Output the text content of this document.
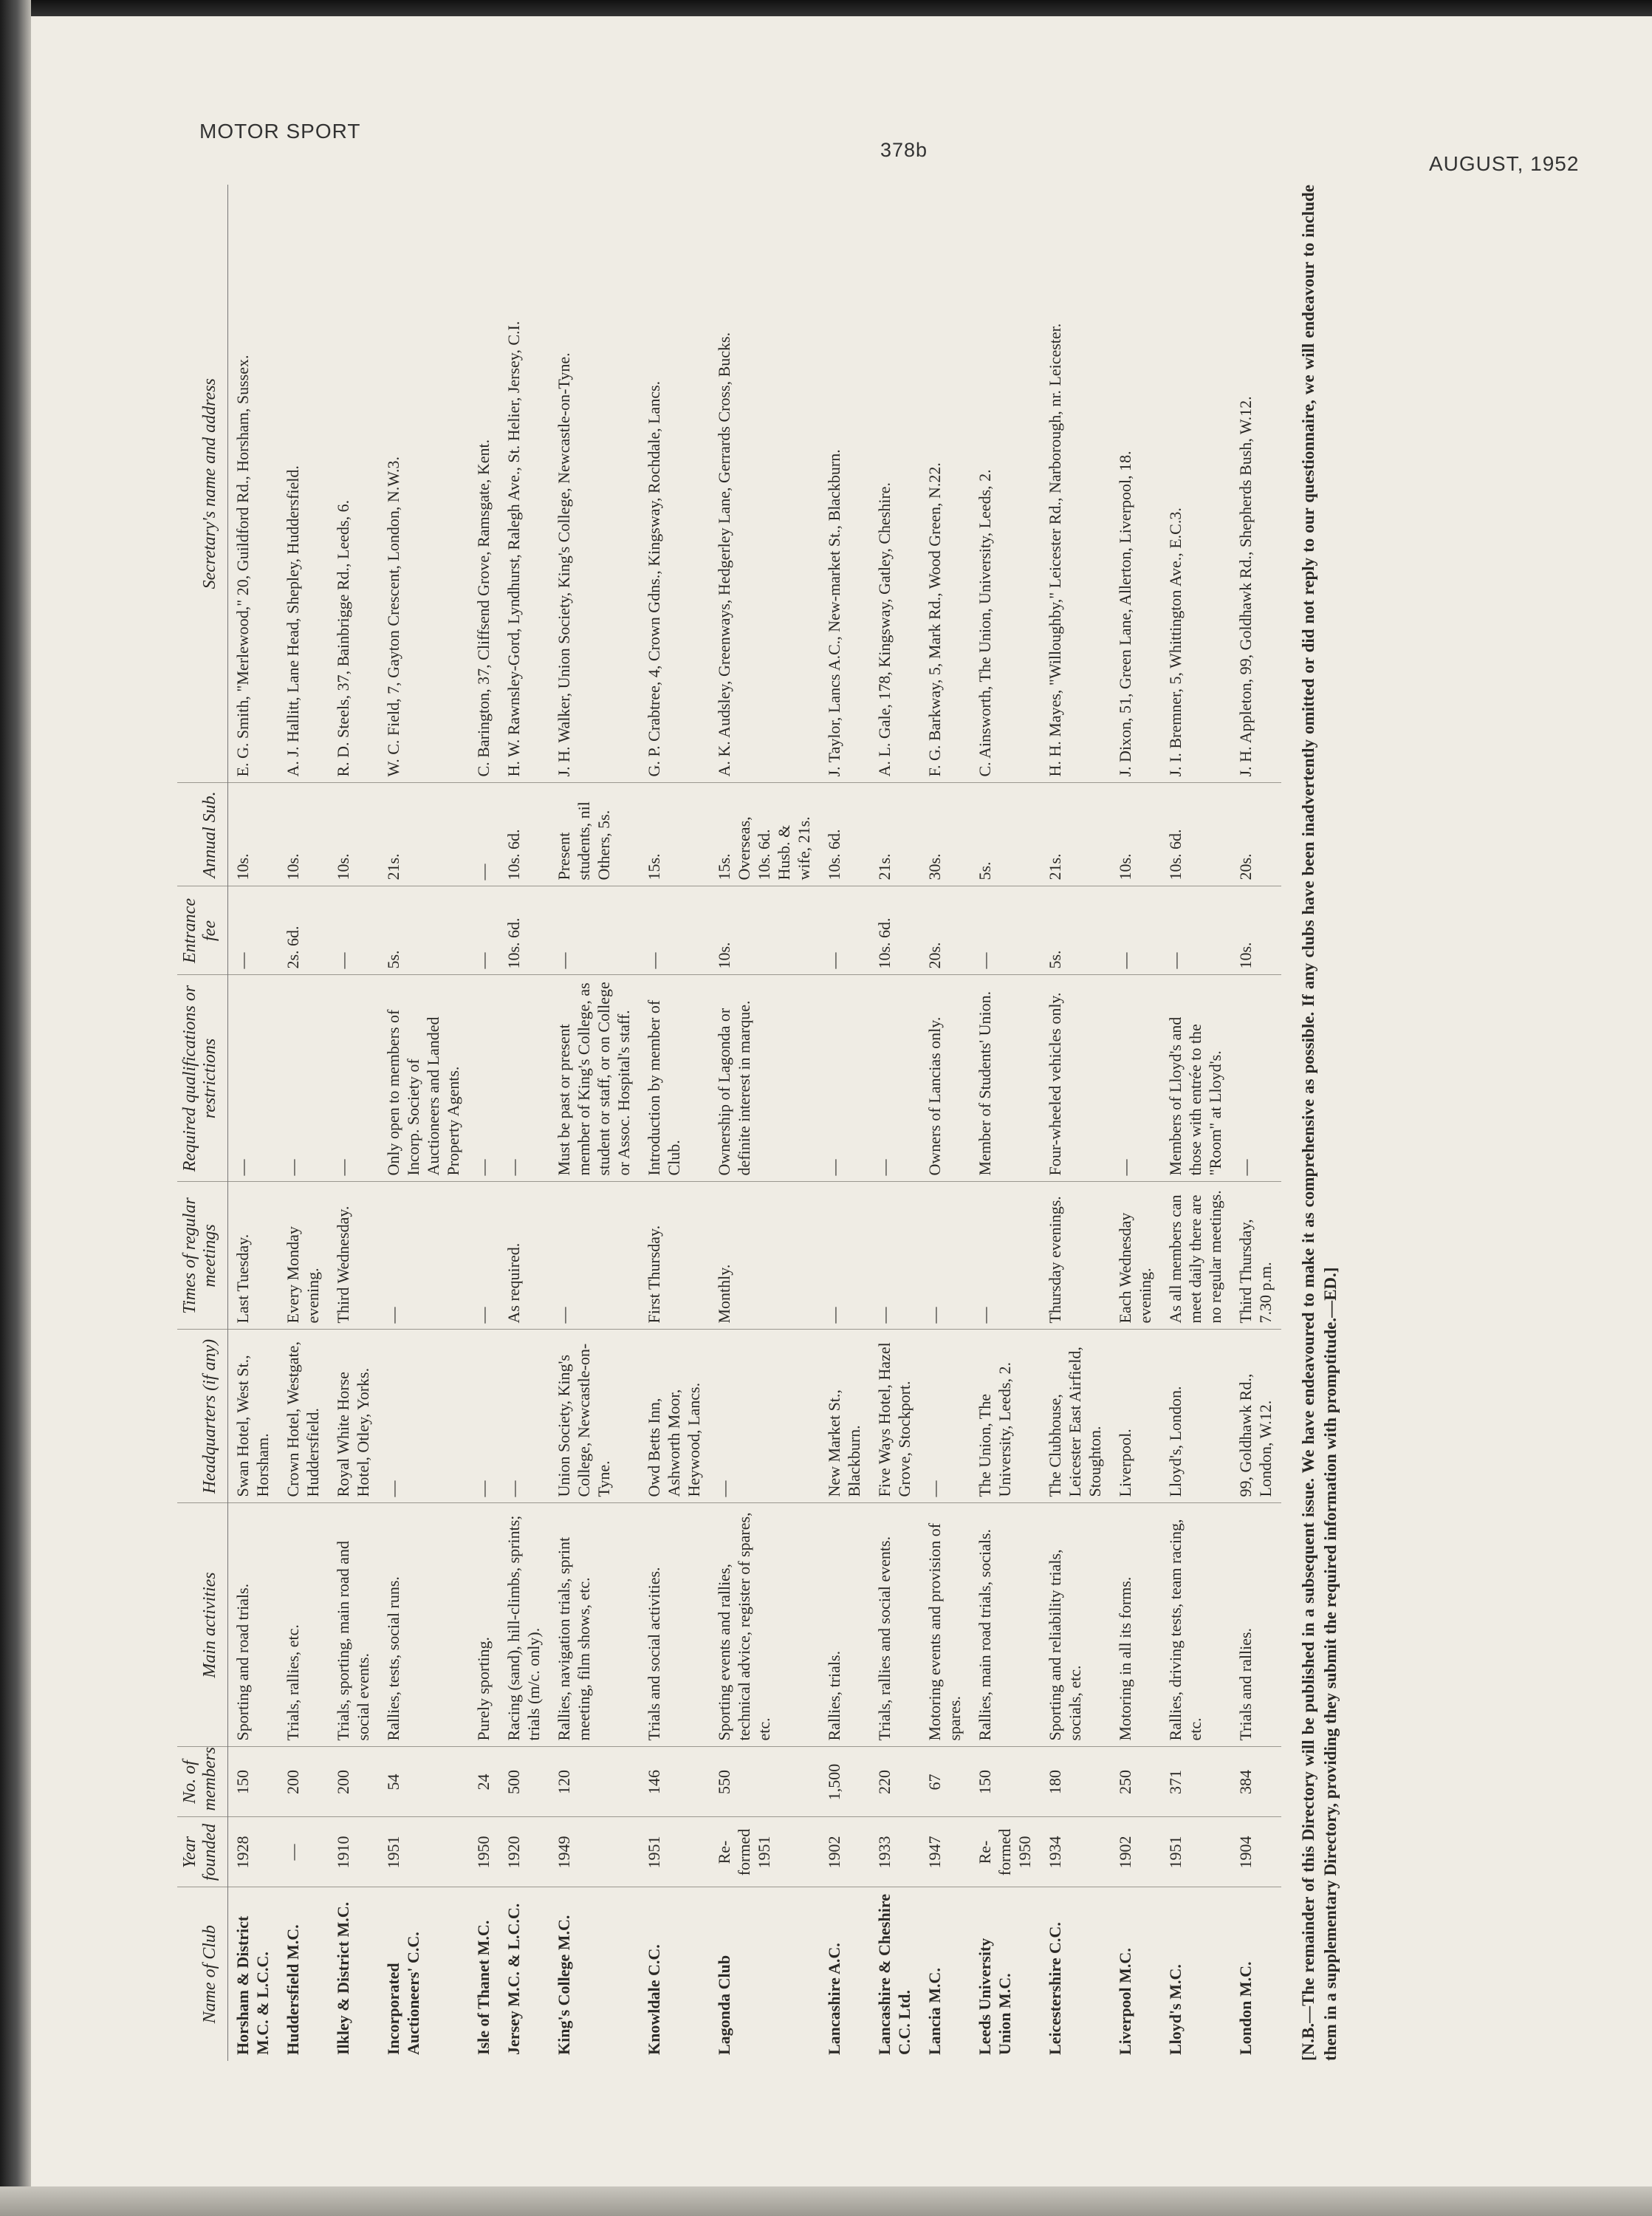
MOTOR SPORT
378b
AUGUST, 1952
Name of Club	Year founded	No. of members	Main activities	Headquarters (if any)	Times of regular meetings	Required qualifications or restrictions	Entrance fee	Annual Sub.	Secretary's name and address
Horsham & District M.C. & L.C.C.	1928	150	Sporting and road trials.	Swan Hotel, West St., Horsham.	Last Tuesday.	—	—	10s.	E. G. Smith, "Merlewood," 20, Guildford Rd., Horsham, Sussex.
Huddersfield M.C.	—	200	Trials, rallies, etc.	Crown Hotel, Westgate, Huddersfield.	Every Monday evening.	—	2s. 6d.	10s.	A. J. Hallitt, Lane Head, Shepley, Huddersfield.
Ilkley & District M.C.	1910	200	Trials, sporting, main road and social events.	Royal White Horse Hotel, Otley, Yorks.	Third Wednesday.	—	—	10s.	R. D. Steels, 37, Bainbrigge Rd., Leeds, 6.
Incorporated Auctioneers' C.C.	1951	54	Rallies, tests, social runs.	—	—	Only open to members of Incorp. Society of Auctioneers and Landed Property Agents.	5s.	21s.	W. C. Field, 7, Gayton Crescent, London, N.W.3.
Isle of Thanet M.C.	1950	24	Purely sporting.	—	—	—	—	—	C. Barington, 37, Cliffsend Grove, Ramsgate, Kent.
Jersey M.C. & L.C.C.	1920	500	Racing (sand), hill-climbs, sprints; trials (m/c. only).	—	As required.	—	10s. 6d.	10s. 6d.	H. W. Rawnsley-Gord, Lyndhurst, Ralegh Ave., St. Helier, Jersey, C.I.
King's College M.C.	1949	120	Rallies, navigation trials, sprint meeting, film shows, etc.	Union Society, King's College, Newcastle-on-Tyne.	—	Must be past or present member of King's College, as student or staff, or on College or Assoc. Hospital's staff.	—	Present students, nil Others, 5s.	J. H. Walker, Union Society, King's College, Newcastle-on-Tyne.
Knowldale C.C.	1951	146	Trials and social activities.	Owd Betts Inn, Ashworth Moor, Heywood, Lancs.	First Thursday.	Introduction by member of Club.	—	15s.	G. P. Crabtree, 4, Crown Gdns., Kingsway, Rochdale, Lancs.
Lagonda Club	Re-formed 1951	550	Sporting events and rallies, technical advice, register of spares, etc.	—	Monthly.	Ownership of Lagonda or definite interest in marque.	10s.	15s. Overseas, 10s. 6d. Husb. & wife, 21s.	A. K. Audsley, Greenways, Hedgerley Lane, Gerrards Cross, Bucks.
Lancashire A.C.	1902	1,500	Rallies, trials.	New Market St., Blackburn.	—	—	—	10s. 6d.	J. Taylor, Lancs A.C., New-market St., Blackburn.
Lancashire & Cheshire C.C. Ltd.	1933	220	Trials, rallies and social events.	Five Ways Hotel, Hazel Grove, Stockport.	—	—	10s. 6d.	21s.	A. L. Gale, 178, Kingsway, Gatley, Cheshire.
Lancia M.C.	1947	67	Motoring events and provision of spares.	—	—	Owners of Lancias only.	20s.	30s.	F. G. Barkway, 5, Mark Rd., Wood Green, N.22.
Leeds University Union M.C.	Re-formed 1950	150	Rallies, main road trials, socials.	The Union, The University, Leeds, 2.	—	Member of Students' Union.	—	5s.	C. Ainsworth, The Union, University, Leeds, 2.
Leicestershire C.C.	1934	180	Sporting and reliability trials, socials, etc.	The Clubhouse, Leicester East Airfield, Stoughton.	Thursday evenings.	Four-wheeled vehicles only.	5s.	21s.	H. H. Mayes, "Willoughby," Leicester Rd., Narborough, nr. Leicester.
Liverpool M.C.	1902	250	Motoring in all its forms.	Liverpool.	Each Wednesday evening.	—	—	10s.	J. Dixon, 51, Green Lane, Allerton, Liverpool, 18.
Lloyd's M.C.	1951	371	Rallies, driving tests, team racing, etc.	Lloyd's, London.	As all members can meet daily there are no regular meetings.	Members of Lloyd's and those with entrée to the "Room" at Lloyd's.	—	10s. 6d.	J. I. Bremner, 5, Whittington Ave., E.C.3.
London M.C.	1904	384	Trials and rallies.	99, Goldhawk Rd., London, W.12.	Third Thursday, 7.30 p.m.	—	10s.	20s.	J. H. Appleton, 99, Goldhawk Rd., Shepherds Bush, W.12.	[N.B.—The remainder of this Directory will be published in a subsequent issue. We have endeavoured to make it as comprehensive as possible. If any clubs have been inadvertently omitted or did not reply to our questionnaire, we will endeavour to include them in a supplementary Directory, providing they submit the required information with promptitude.—ED.]
